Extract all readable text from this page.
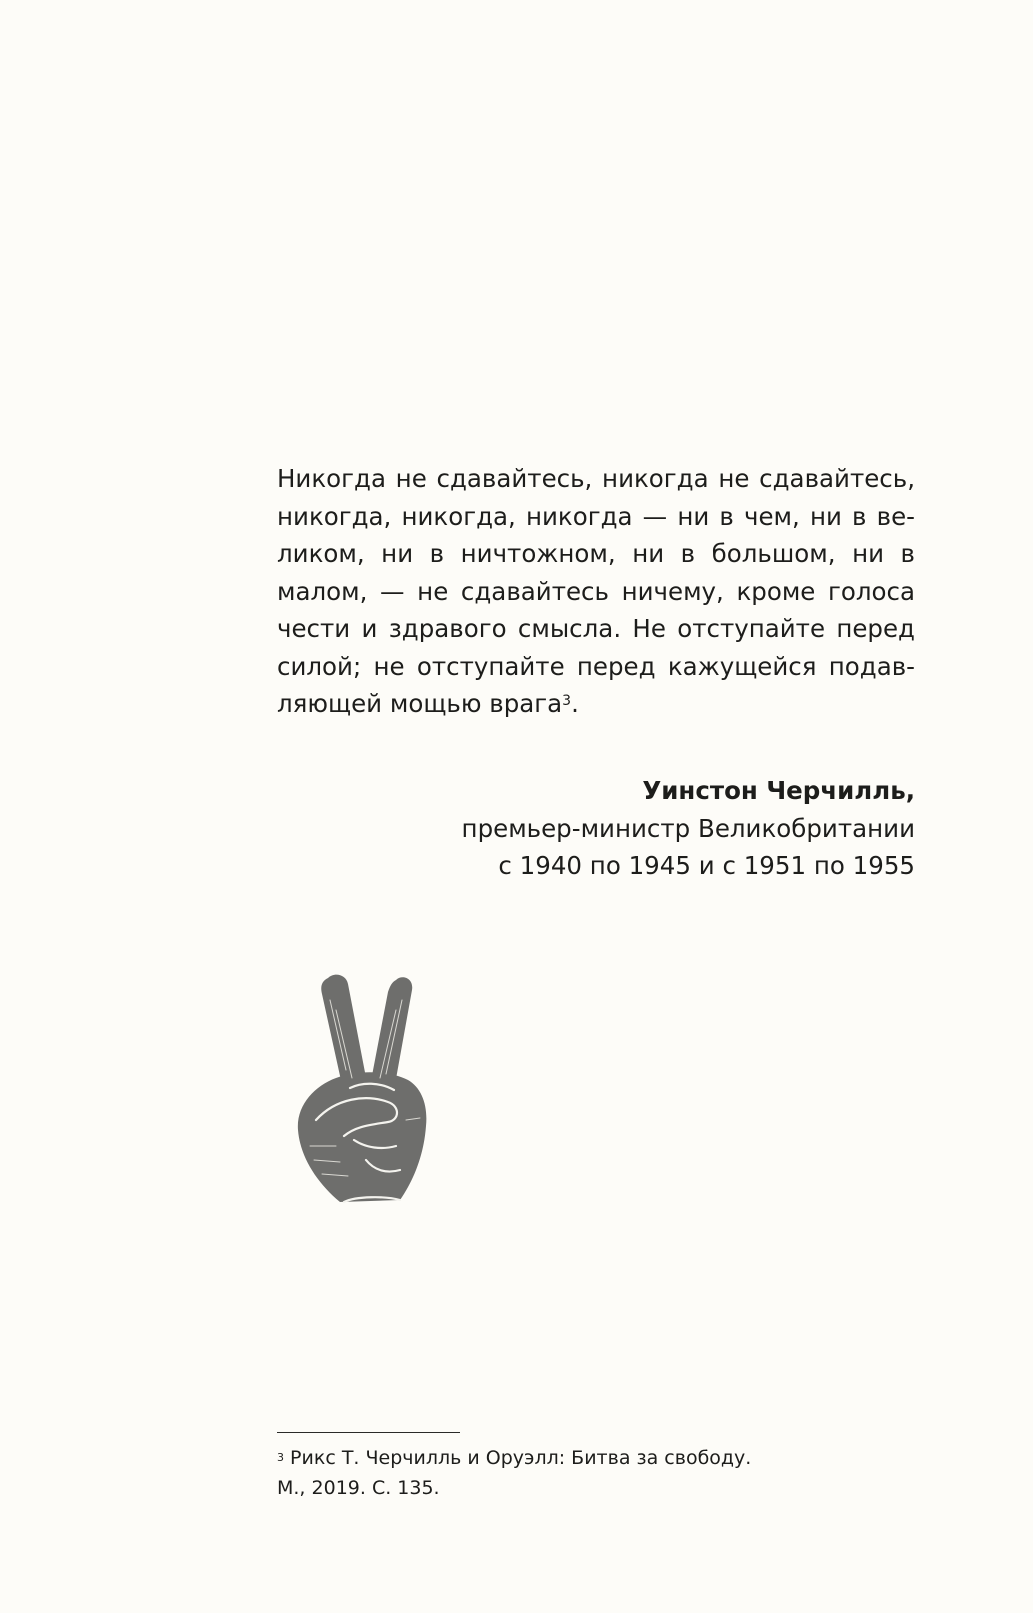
Никогда не сдавайтесь, никогда не сдавайтесь,
никогда, никогда, никогда — ни в чем, ни в ве-
ликом, ни в ничтожном, ни в большом, ни в
малом, — не сдавайтесь ничему, кроме голоса
чести и здравого смысла. Не отступайте перед
силой; не отступайте перед кажущейся подав-
ляющей мощью врага$^3$.
Уинстон Черчилль,
премьер-министр Великобритании
с 1940 по 1945 и с 1951 по 1955
$^3$ Рикс Т. Черчилль и Оруэлл: Битва за свободу.
М., 2019. С. 135.
